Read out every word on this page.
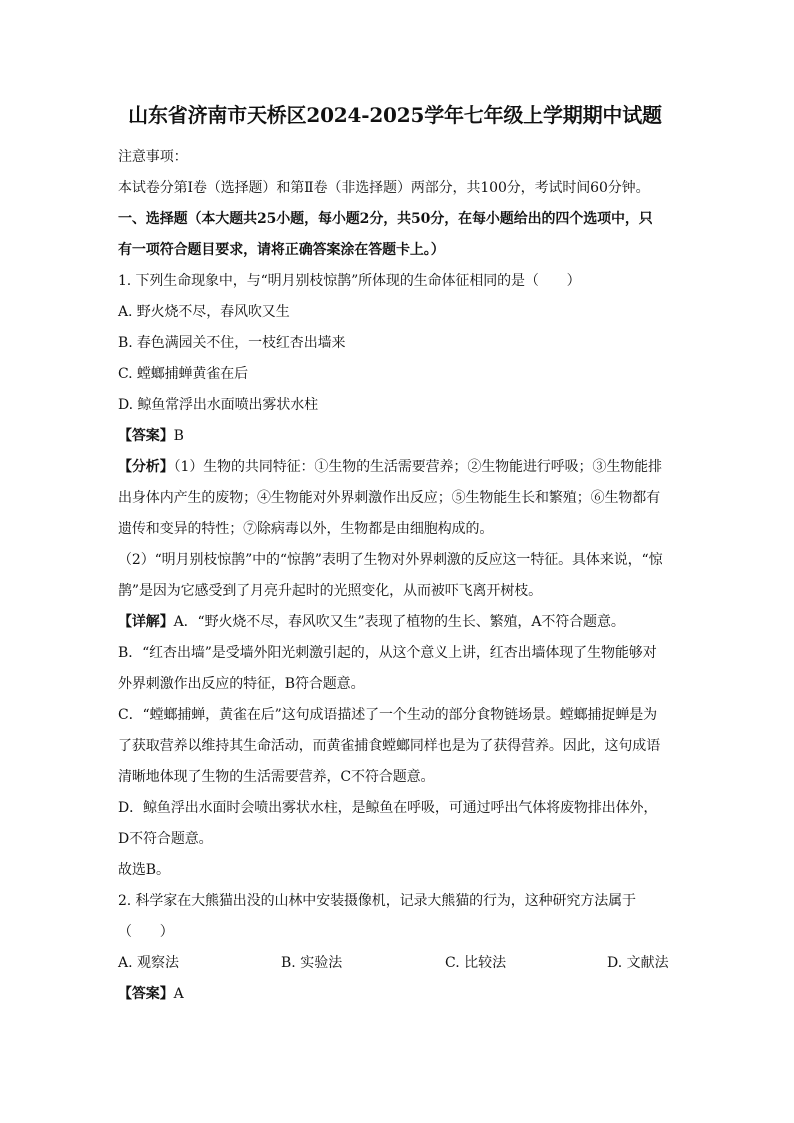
山东省济南市天桥区2024-2025学年七年级上学期期中试题
注意事项：
本试卷分第Ⅰ卷（选择题）和第Ⅱ卷（非选择题）两部分，共100分，考试时间60分钟。
一、选择题（本大题共25小题，每小题2分，共50分，在每小题给出的四个选项中，只
有一项符合题目要求，请将正确答案涂在答题卡上。）
1. 下列生命现象中，与“明月别枝惊鹊”所体现的生命体征相同的是（　　）
A. 野火烧不尽，春风吹又生
B. 春色满园关不住，一枝红杏出墙来
C. 螳螂捕蝉黄雀在后
D. 鲸鱼常浮出水面喷出雾状水柱
【答案】B
【分析】（1）生物的共同特征：①生物的生活需要营养；②生物能进行呼吸；③生物能排
出身体内产生的废物；④生物能对外界刺激作出反应；⑤生物能生长和繁殖；⑥生物都有
遗传和变异的特性；⑦除病毒以外，生物都是由细胞构成的。
（2）“明月别枝惊鹊”中的“惊鹊”表明了生物对外界刺激的反应这一特征。具体来说，“惊
鹊”是因为它感受到了月亮升起时的光照变化，从而被吓飞离开树枝。
【详解】A．“野火烧不尽，春风吹又生”表现了植物的生长、繁殖，A不符合题意。
B．“红杏出墙”是受墙外阳光刺激引起的，从这个意义上讲，红杏出墙体现了生物能够对
外界刺激作出反应的特征，B符合题意。
C．“螳螂捕蝉，黄雀在后”这句成语描述了一个生动的部分食物链场景。螳螂捕捉蝉是为
了获取营养以维持其生命活动，而黄雀捕食螳螂同样也是为了获得营养。因此，这句成语
清晰地体现了生物的生活需要营养，C不符合题意。
D．鲸鱼浮出水面时会喷出雾状水柱，是鲸鱼在呼吸，可通过呼出气体将废物排出体外，
D不符合题意。
故选B。
2. 科学家在大熊猫出没的山林中安装摄像机，记录大熊猫的行为，这种研究方法属于
（　　）
A. 观察法	B. 实验法	C. 比较法	D. 文献法
【答案】A
